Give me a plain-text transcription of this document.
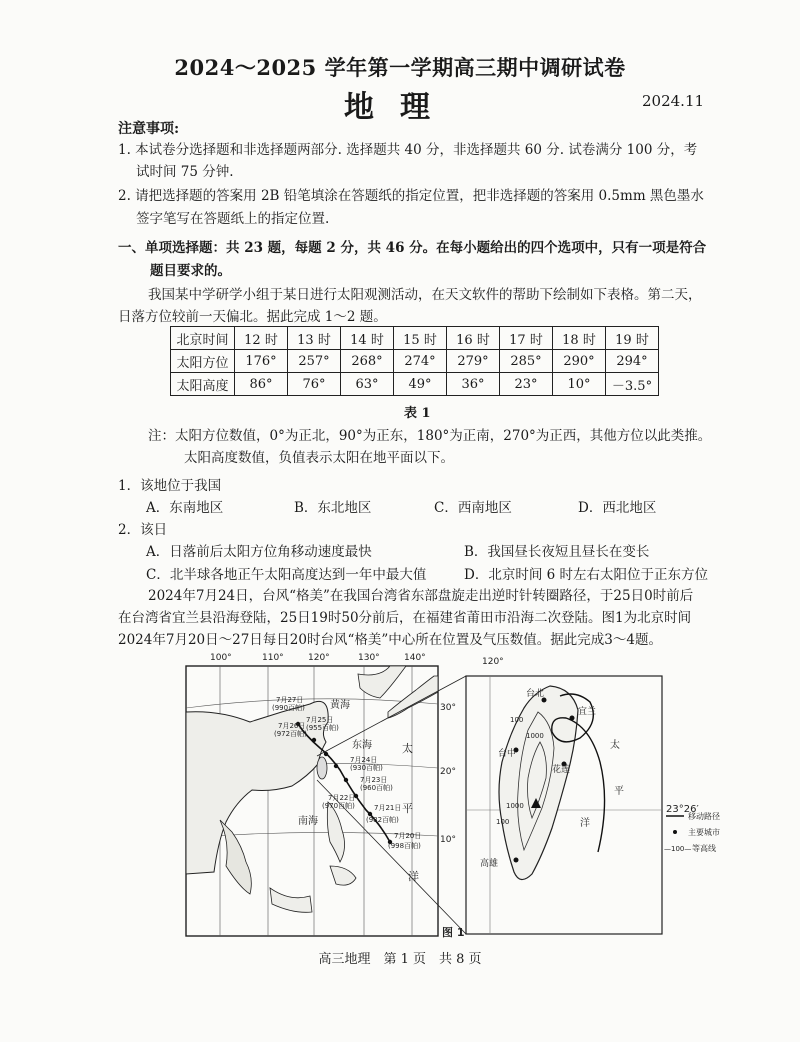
2024～2025 学年第一学期高三期中调研试卷
地理	2024.11
注意事项:
1. 本试卷分选择题和非选择题两部分. 选择题共 40 分，非选择题共 60 分. 试卷满分 100 分，考
试时间 75 分钟.
2. 请把选择题的答案用 2B 铅笔填涂在答题纸的指定位置，把非选择题的答案用 0.5mm 黑色墨水
签字笔写在答题纸上的指定位置.
一、单项选择题：共 23 题，每题 2 分，共 46 分。在每小题给出的四个选项中，只有一项是符合
题目要求的。
我国某中学研学小组于某日进行太阳观测活动，在天文软件的帮助下绘制如下表格。第二天，
日落方位较前一天偏北。据此完成 1～2 题。
北京时间	12 时	13 时	14 时	15 时	16 时	17 时	18 时	19 时
太阳方位	176°	257°	268°	274°	279°	285°	290°	294°
太阳高度	86°	76°	63°	49°	36°	23°	10°	－3.5°
表 1
注：太阳方位数值，0°为正北，90°为正东，180°为正南，270°为正西，其他方位以此类推。
太阳高度数值，负值表示太阳在地平面以下。
1．该地位于我国
A．东南地区	B．东北地区	C．西南地区	D．西北地区
2．该日
A．日落前后太阳方位角移动速度最快	B．我国昼长夜短且昼长在变长
C．北半球各地正午太阳高度达到一年中最大值	D．北京时间 6 时左右太阳位于正东方位
2024年7月24日，台风“格美”在我国台湾省东部盘旋走出逆时针转圈路径，于25日0时前后
在台湾省宜兰县沿海登陆，25日19时50分前后，在福建省莆田市沿海二次登陆。图1为北京时间
2024年7月20日～27日每日20时台风“格美”中心所在位置及气压数值。据此完成3～4题。
100°	110°	120°	130°	140°
30°
20°
10°
黄海
东海
南海
太
平
洋
7月27日
(990百帕)
7月26日
(972百帕)
7月25日
(955百帕)
7月24日
(930百帕)
7月23日
(960百帕)
7月22日
(970百帕)	7月21日
(982百帕)
7月20日
(998百帕)
120°
23°26′
台北
宜兰
台中
花莲
高雄
100
1000
1000
100
太
平
洋
移动路径
主要城市
—100— 等高线
图 1
高三地理　第 1 页　共 8 页
